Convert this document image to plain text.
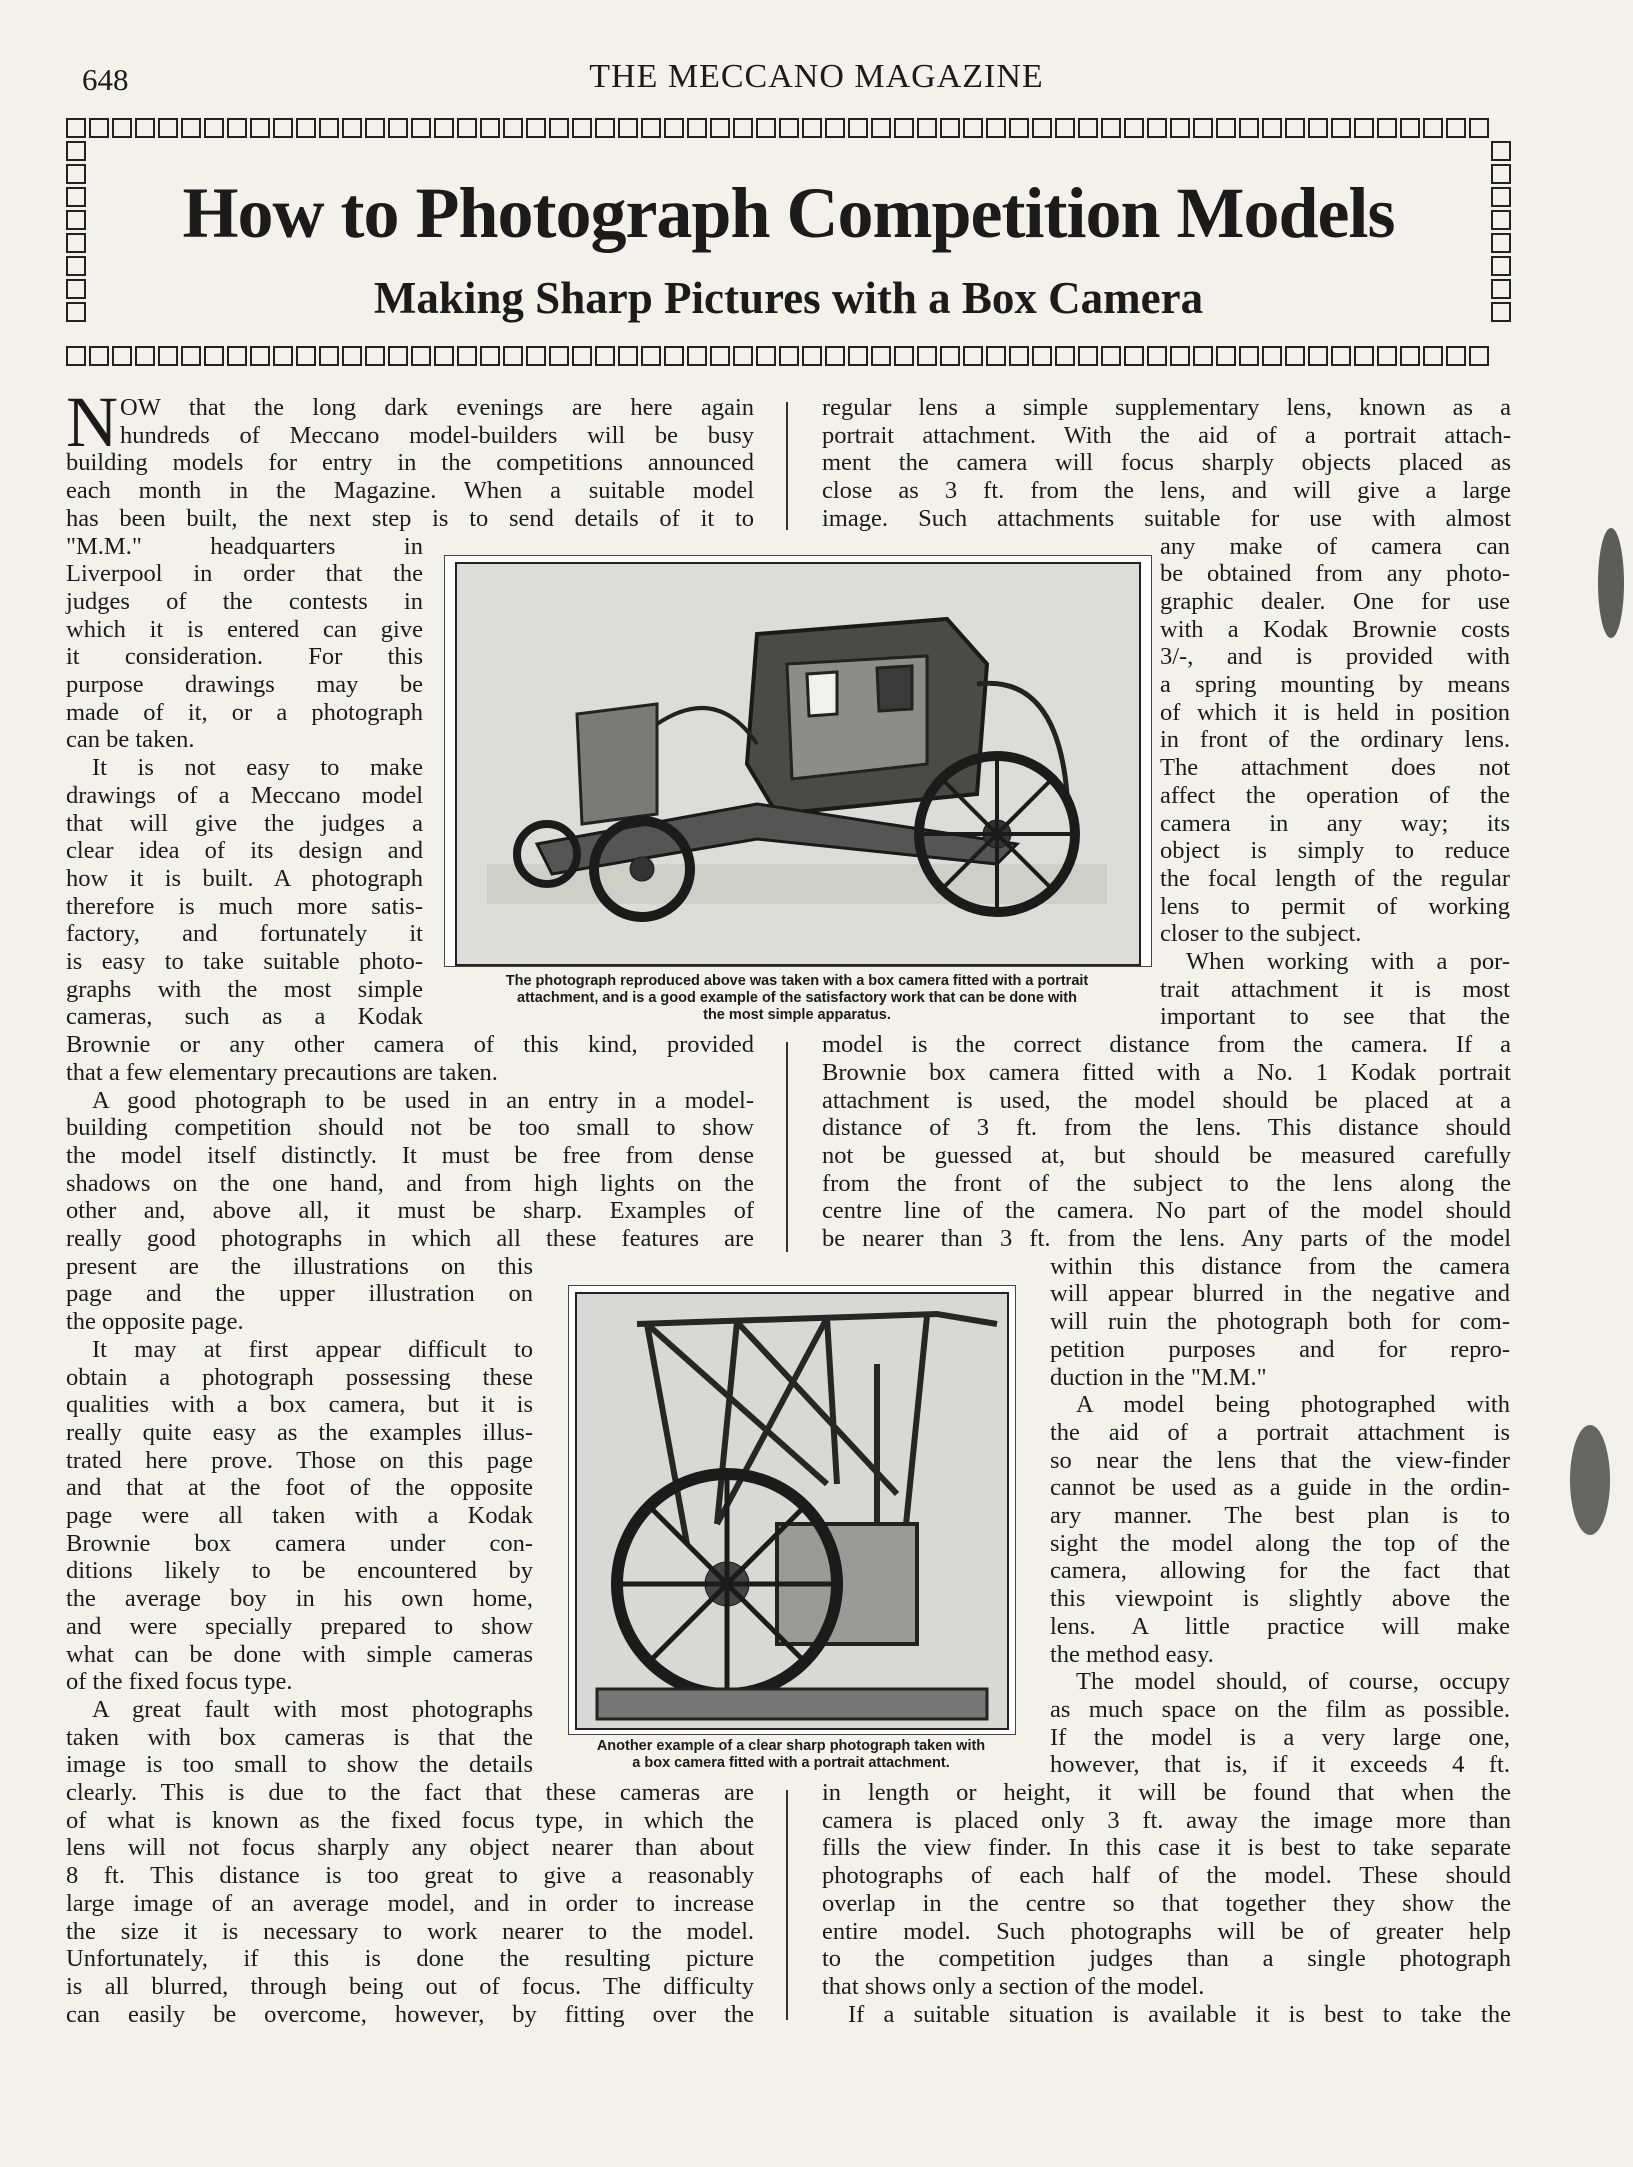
648	THE MECCANO MAGAZINE
How to Photograph Competition Models
Making Sharp Pictures with a Box Camera
OW that the long dark evenings are here again
hundreds of Meccano model-builders will be busy
building models for entry in the competitions announced
each month in the Magazine. When a suitable model
has been built, the next step is to send details of it to
"M.M." headquarters in
Liverpool in order that the
judges of the contests in
which it is entered can give
it consideration. For this
purpose drawings may be
made of it, or a photograph
can be taken.
It is not easy to make
drawings of a Meccano model
that will give the judges a
clear idea of its design and
how it is built. A photograph
therefore is much more satis-
factory, and fortunately it
is easy to take suitable photo-
graphs with the most simple
cameras, such as a Kodak
Brownie or any other camera of this kind, provided
that a few elementary precautions are taken.
A good photograph to be used in an entry in a model-
building competition should not be too small to show
the model itself distinctly. It must be free from dense
shadows on the one hand, and from high lights on the
other and, above all, it must be sharp. Examples of
really good photographs in which all these features are
present are the illustrations on this
page and the upper illustration on
the opposite page.
It may at first appear difficult to
obtain a photograph possessing these
qualities with a box camera, but it is
really quite easy as the examples illus-
trated here prove. Those on this page
and that at the foot of the opposite
page were all taken with a Kodak
Brownie box camera under con-
ditions likely to be encountered by
the average boy in his own home,
and were specially prepared to show
what can be done with simple cameras
of the fixed focus type.
A great fault with most photographs
taken with box cameras is that the
image is too small to show the details
clearly. This is due to the fact that these cameras are
of what is known as the fixed focus type, in which the
lens will not focus sharply any object nearer than about
8 ft. This distance is too great to give a reasonably
large image of an average model, and in order to increase
the size it is necessary to work nearer to the model.
Unfortunately, if this is done the resulting picture
is all blurred, through being out of focus. The difficulty
can easily be overcome, however, by fitting over the
regular lens a simple supplementary lens, known as a
portrait attachment. With the aid of a portrait attach-
ment the camera will focus sharply objects placed as
close as 3 ft. from the lens, and will give a large
image. Such attachments suitable for use with almost
any make of camera can
be obtained from any photo-
graphic dealer. One for use
with a Kodak Brownie costs
3/-, and is provided with
a spring mounting by means
of which it is held in position
in front of the ordinary lens.
The attachment does not
affect the operation of the
camera in any way; its
object is simply to reduce
the focal length of the regular
lens to permit of working
closer to the subject.
When working with a por-
trait attachment it is most
important to see that the
model is the correct distance from the camera. If a
Brownie box camera fitted with a No. 1 Kodak portrait
attachment is used, the model should be placed at a
distance of 3 ft. from the lens. This distance should
not be guessed at, but should be measured carefully
from the front of the subject to the lens along the
centre line of the camera. No part of the model should
be nearer than 3 ft. from the lens. Any parts of the model
within this distance from the camera
will appear blurred in the negative and
will ruin the photograph both for com-
petition purposes and for repro-
duction in the "M.M."
A model being photographed with
the aid of a portrait attachment is
so near the lens that the view-finder
cannot be used as a guide in the ordin-
ary manner. The best plan is to
sight the model along the top of the
camera, allowing for the fact that
this viewpoint is slightly above the
lens. A little practice will make
the method easy.
The model should, of course, occupy
as much space on the film as possible.
If the model is a very large one,
however, that is, if it exceeds 4 ft.
in length or height, it will be found that when the
camera is placed only 3 ft. away the image more than
fills the view finder. In this case it is best to take separate
photographs of each half of the model. These should
overlap in the centre so that together they show the
entire model. Such photographs will be of greater help
to the competition judges than a single photograph
that shows only a section of the model.
If a suitable situation is available it is best to take the
N
The photograph reproduced above was taken with a box camera fitted with a portrait
attachment, and is a good example of the satisfactory work that can be done with
the most simple apparatus.
Another example of a clear sharp photograph taken with
a box camera fitted with a portrait attachment.
